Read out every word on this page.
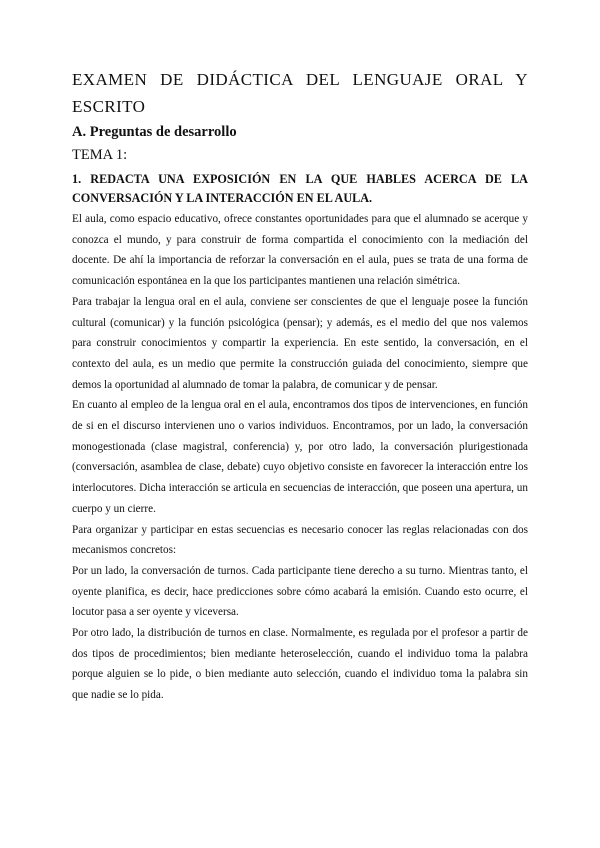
EXAMEN DE DIDÁCTICA DEL LENGUAJE ORAL Y ESCRITO
A. Preguntas de desarrollo
TEMA 1:
1. REDACTA UNA EXPOSICIÓN EN LA QUE HABLES ACERCA DE LA CONVERSACIÓN Y LA INTERACCIÓN EN EL AULA.

El aula, como espacio educativo, ofrece constantes oportunidades para que el alumnado se acerque y conozca el mundo, y para construir de forma compartida el conocimiento con la mediación del docente. De ahí la importancia de reforzar la conversación en el aula, pues se trata de una forma de comunicación espontánea en la que los participantes mantienen una relación simétrica.

Para trabajar la lengua oral en el aula, conviene ser conscientes de que el lenguaje posee la función cultural (comunicar) y la función psicológica (pensar); y además, es el medio del que nos valemos para construir conocimientos y compartir la experiencia. En este sentido, la conversación, en el contexto del aula, es un medio que permite la construcción guiada del conocimiento, siempre que demos la oportunidad al alumnado de tomar la palabra, de comunicar y de pensar.

En cuanto al empleo de la lengua oral en el aula, encontramos dos tipos de intervenciones, en función de si en el discurso intervienen uno o varios individuos. Encontramos, por un lado, la conversación monogestionada (clase magistral, conferencia) y, por otro lado, la conversación plurigestionada (conversación, asamblea de clase, debate) cuyo objetivo consiste en favorecer la interacción entre los interlocutores. Dicha interacción se articula en secuencias de interacción, que poseen una apertura, un cuerpo y un cierre.

Para organizar y participar en estas secuencias es necesario conocer las reglas relacionadas con dos mecanismos concretos:

Por un lado, la conversación de turnos. Cada participante tiene derecho a su turno. Mientras tanto, el oyente planifica, es decir, hace predicciones sobre cómo acabará la emisión. Cuando esto ocurre, el locutor pasa a ser oyente y viceversa.

Por otro lado, la distribución de turnos en clase. Normalmente, es regulada por el profesor a partir de dos tipos de procedimientos; bien mediante heteroselección, cuando el individuo toma la palabra porque alguien se lo pide, o bien mediante auto selección, cuando el individuo toma la palabra sin que nadie se lo pida.
